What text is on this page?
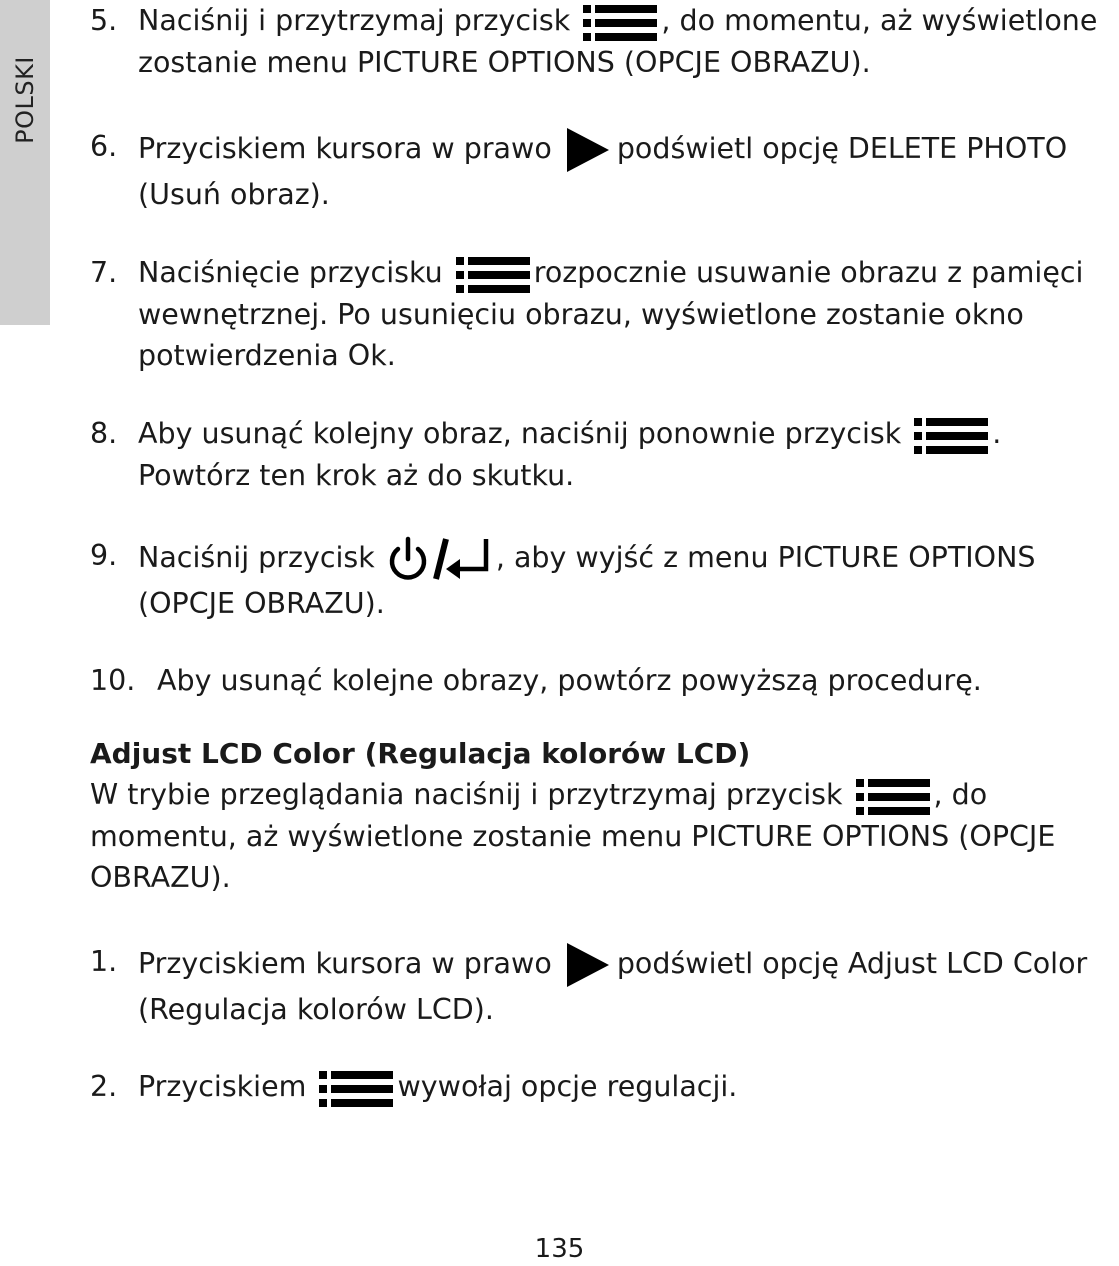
POLSKI
5. Naciśnij i przytrzymaj przycisk	, do momentu, aż wyświetlone zostanie menu PICTURE OPTIONS (OPCJE OBRAZU).
6. Przyciskiem kursora w prawo podświetl opcję DELETE PHOTO (Usuń obraz).
7. Naciśnięcie przycisku	rozpocznie usuwanie obrazu z pamięci wewnętrznej. Po usunięciu obrazu, wyświetlone zostanie okno potwierdzenia Ok.
8. Aby usunąć kolejny obraz, naciśnij ponownie przycisk	. Powtórz ten krok aż do skutku.
9. Naciśnij przycisk	, aby wyjść z menu PICTURE OPTIONS (OPCJE OBRAZU).
10. Aby usunąć kolejne obrazy, powtórz powyższą procedurę.

Adjust LCD Color (Regulacja kolorów LCD)

W trybie przeglądania naciśnij i przytrzymaj przycisk	, do momentu, aż wyświetlone zostanie menu PICTURE OPTIONS (OPCJE OBRAZU).

1. Przyciskiem kursora w prawo podświetl opcję Adjust LCD Color (Regulacja kolorów LCD).
2. Przyciskiem	wywołaj opcje regulacji.
135
